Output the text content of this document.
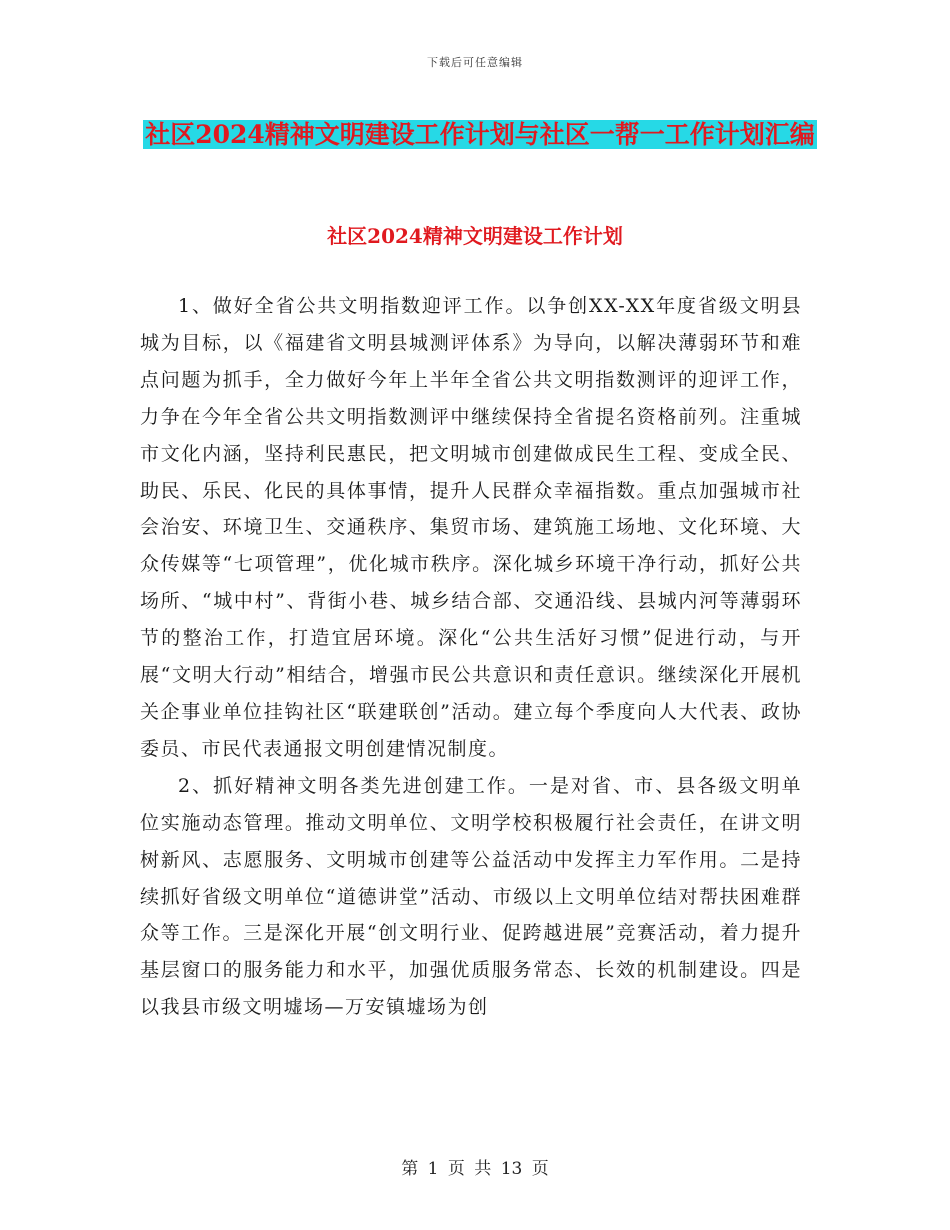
下载后可任意编辑
社区2024精神文明建设工作计划与社区一帮一工作计划汇编
社区2024精神文明建设工作计划

1、做好全省公共文明指数迎评工作。以争创XX-XX年度省级文明县城为目标，以《福建省文明县城测评体系》为导向，以解决薄弱环节和难点问题为抓手，全力做好今年上半年全省公共文明指数测评的迎评工作，力争在今年全省公共文明指数测评中继续保持全省提名资格前列。注重城市文化内涵，坚持利民惠民，把文明城市创建做成民生工程、变成全民、助民、乐民、化民的具体事情，提升人民群众幸福指数。重点加强城市社会治安、环境卫生、交通秩序、集贸市场、建筑施工场地、文化环境、大众传媒等“七项管理”，优化城市秩序。深化城乡环境干净行动，抓好公共场所、“城中村”、背街小巷、城乡结合部、交通沿线、县城内河等薄弱环节的整治工作，打造宜居环境。深化“公共生活好习惯”促进行动，与开展“文明大行动”相结合，增强市民公共意识和责任意识。继续深化开展机关企事业单位挂钩社区“联建联创”活动。建立每个季度向人大代表、政协委员、市民代表通报文明创建情况制度。

2、抓好精神文明各类先进创建工作。一是对省、市、县各级文明单位实施动态管理。推动文明单位、文明学校积极履行社会责任，在讲文明树新风、志愿服务、文明城市创建等公益活动中发挥主力军作用。二是持续抓好省级文明单位“道德讲堂”活动、市级以上文明单位结对帮扶困难群众等工作。三是深化开展“创文明行业、促跨越进展”竞赛活动，着力提升基层窗口的服务能力和水平，加强优质服务常态、长效的机制建设。四是以我县市级文明墟场—万安镇墟场为创

第 1 页 共 13 页
